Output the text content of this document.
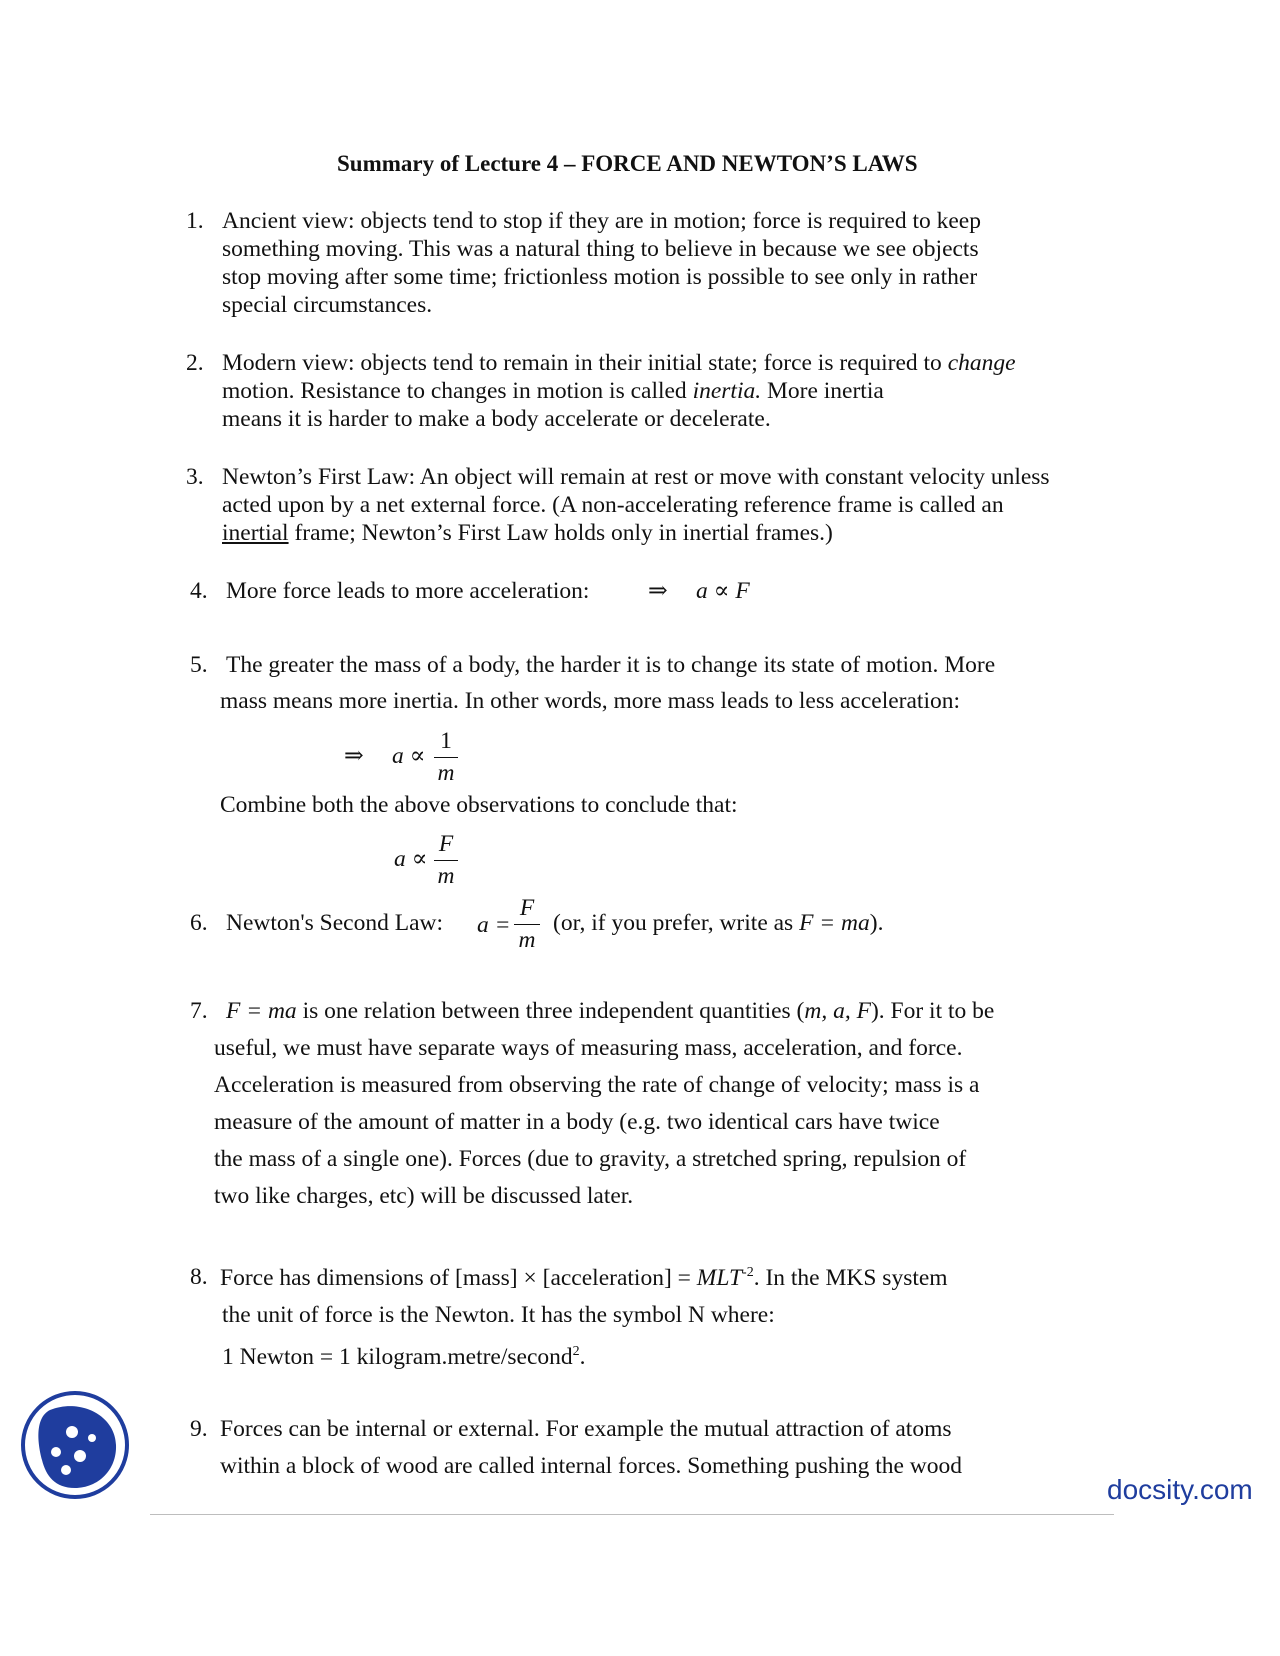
Summary of Lecture 4 – FORCE AND NEWTON’S LAWS
1. Ancient view: objects tend to stop if they are in motion; force is required to keep
something moving. This was a natural thing to believe in because we see objects
stop moving after some time; frictionless motion is possible to see only in rather
special circumstances.
2. Modern view: objects tend to remain in their initial state; force is required to change
motion. Resistance to changes in motion is called inertia. More inertia
means it is harder to make a body accelerate or decelerate.
3. Newton’s First Law: An object will remain at rest or move with constant velocity unless
acted upon by a net external force. (A non-accelerating reference frame is called an
inertial frame; Newton’s First Law holds only in inertial frames.)
4. More force leads to more acceleration: ⇒ a ∝ F
5. The greater the mass of a body, the harder it is to change its state of motion. More
mass means more inertia. In other words, more mass leads to less acceleration:
⇒ a ∝
1
m
Combine both the above observations to conclude that:
a ∝
F
m
6. Newton's Second Law: a =
F
m
(or, if you prefer, write as F = ma).
7. F = ma is one relation between three independent quantities (m, a, F). For it to be
useful, we must have separate ways of measuring mass, acceleration, and force.
Acceleration is measured from observing the rate of change of velocity; mass is a
measure of the amount of matter in a body (e.g. two identical cars have twice
the mass of a single one). Forces (due to gravity, a stretched spring, repulsion of
two like charges, etc) will be discussed later.
8. Force has dimensions of [mass] × [acceleration] = $MLT^{-2}$. In the MKS system
the unit of force is the Newton. It has the symbol N where:
1 Newton = 1 kilogram.metre/second$^2$.
9. Forces can be internal or external. For example the mutual attraction of atoms
within a block of wood are called internal forces. Something pushing the wood
docsity.com
